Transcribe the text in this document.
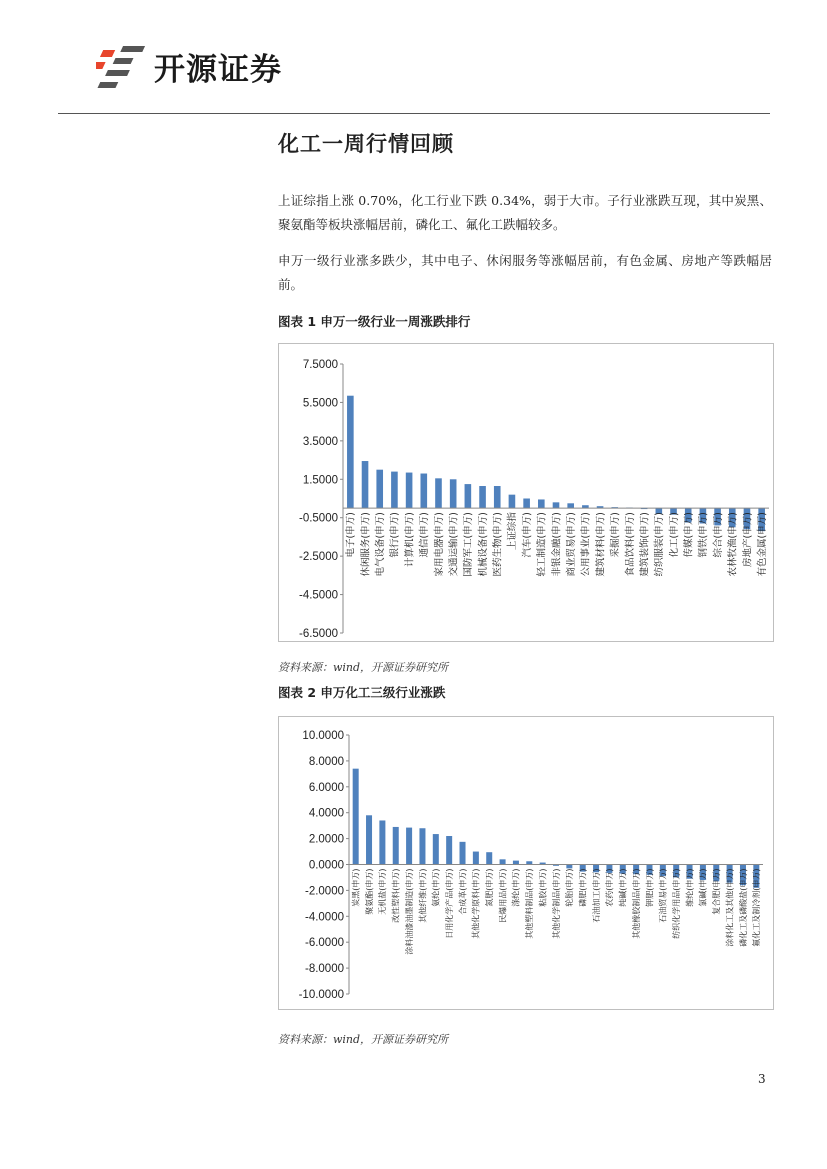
开源证券
化工一周行情回顾
上证综指上涨 0.70%，化工行业下跌 0.34%，弱于大市。子行业涨跌互现，其中炭黑、聚氨酯等板块涨幅居前，磷化工、氟化工跌幅较多。
申万一级行业涨多跌少，其中电子、休闲服务等涨幅居前，有色金属、房地产等跌幅居前。
图表 1 申万一级行业一周涨跌排行
7.5000
5.5000
3.5000
1.5000
-0.5000
-2.5000
-4.5000
-6.5000
电子(申万) 休闲服务(申万) 电气设备(申万) 银行(申万) 计算机(申万) 通信(申万) 家用电器(申万) 交通运输(申万) 国防军工(申万) 机械设备(申万) 医药生物(申万) 上证综指 汽车(申万) 轻工制造(申万) 非银金融(申万) 商业贸易(申万) 公用事业(申万) 建筑材料(申万) 采掘(申万) 食品饮料(申万) 建筑装饰(申万) 纺织服装(申万) 化工(申万) 传媒(申万) 钢铁(申万) 综合(申万) 农林牧渔(申万) 房地产(申万) 有色金属(申万)
资料来源：wind，开源证券研究所
图表 2 申万化工三级行业涨跌
10.0000
8.0000
6.0000
4.0000
2.0000
0.0000
-2.0000
-4.0000
-6.0000
-8.0000
-10.0000
炭黑(申万) 聚氨酯(申万) 无机盐(申万) 改性塑料(申万) 涂料油漆油墨制造(申万) 其他纤维(申万) 氨纶(申万) 日用化学产品(申万) 合成革(申万) 其他化学原料(申万) 氮肥(申万) 民爆用品(申万) 涤纶(申万) 其他塑料制品(申万) 粘胶(申万) 其他化学制品(申万) 轮胎(申万) 磷肥(申万) 石油加工(申万) 农药(申万) 纯碱(申万) 其他橡胶制品(申万) 钾肥(申万) 石油贸易(申万) 纺织化学用品(申万) 维纶(申万) 氯碱(申万) 复合肥(申万) 涂料化工及其他(申万) 磷化工及磷酸盐(申万) 氟化工及制冷剂(申万)
资料来源：wind，开源证券研究所
3
